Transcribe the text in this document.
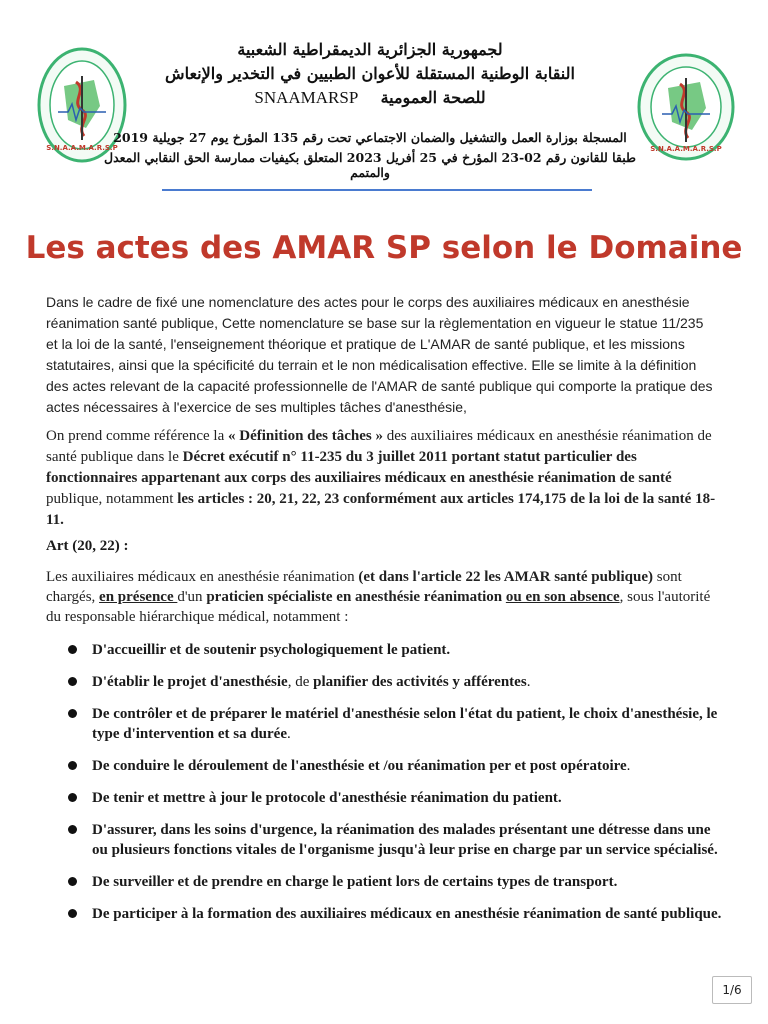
S.N.A.A.M.A.R.S.P	S.N.A.A.M.A.R.S.P
لجمهورية الجزائرية الديمقراطية الشعبية
النقابة الوطنية المستقلة للأعوان الطبيين في التخدير والإنعاش
SNAAMARSP للصحة العمومية
المسجلة بوزارة العمل والتشغيل والضمان الاجتماعي تحت رقم 135 المؤرخ يوم 27 جويلية 2019
طبقا للقانون رقم 02-23 المؤرخ في 25 أفريل 2023 المتعلق بكيفيات ممارسة الحق النقابي المعدل والمتمم
Les actes des AMAR SP selon le Domaine
Dans le cadre de fixé une nomenclature des actes pour le corps des auxiliaires médicaux en anesthésie réanimation santé publique, Cette nomenclature se base sur la règlementation en vigueur le statue 11/235 et la loi de la santé, l'enseignement théorique et pratique de L'AMAR de santé publique, et les missions statutaires, ainsi que la spécificité du terrain et le non médicalisation effective. Elle se limite à la définition des actes relevant de la capacité professionnelle de l'AMAR de santé publique qui comporte la pratique des actes nécessaires à l'exercice de ses multiples tâches d'anesthésie,
On prend comme référence la « Définition des tâches » des auxiliaires médicaux en anesthésie réanimation de santé publique dans le Décret exécutif n° 11-235 du 3 juillet 2011 portant statut particulier des fonctionnaires appartenant aux corps des auxiliaires médicaux en anesthésie réanimation de santé publique, notamment les articles : 20, 21, 22, 23 conformément aux articles 174,175 de la loi de la santé 18-11.
Art (20, 22) :
Les auxiliaires médicaux en anesthésie réanimation (et dans l'article 22 les AMAR santé publique) sont chargés, en présence d'un praticien spécialiste en anesthésie réanimation ou en son absence, sous l'autorité du responsable hiérarchique médical, notamment :
D'accueillir et de soutenir psychologiquement le patient.
D'établir le projet d'anesthésie, de planifier des activités y afférentes.
De contrôler et de préparer le matériel d'anesthésie selon l'état du patient, le choix d'anesthésie, le type d'intervention et sa durée.
De conduire le déroulement de l'anesthésie et /ou réanimation per et post opératoire.
De tenir et mettre à jour le protocole d'anesthésie réanimation du patient.
D'assurer, dans les soins d'urgence, la réanimation des malades présentant une détresse dans une ou plusieurs fonctions vitales de l'organisme jusqu'à leur prise en charge par un service spécialisé.
De surveiller et de prendre en charge le patient lors de certains types de transport.
De participer à la formation des auxiliaires médicaux en anesthésie réanimation de santé publique.
1/6
